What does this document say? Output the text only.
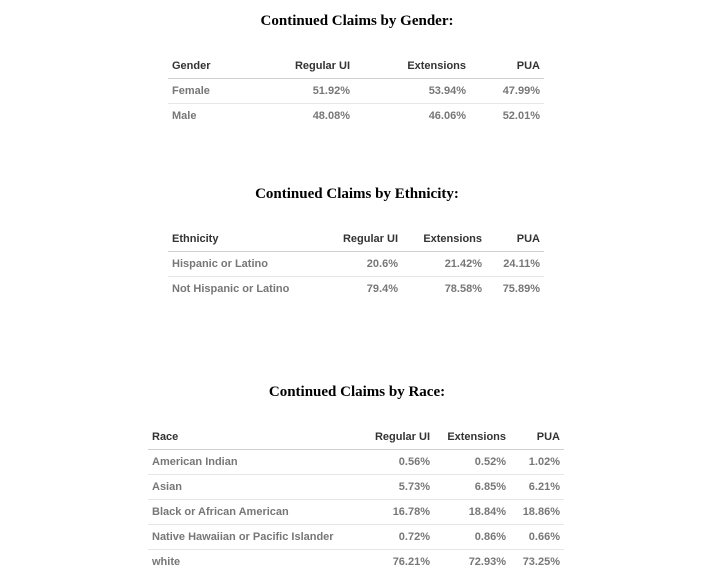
Continued Claims by Gender:
Gender	Regular UI	Extensions	PUA
Female	51.92%	53.94%	47.99%
Male	48.08%	46.06%	52.01%
Continued Claims by Ethnicity:
Ethnicity	Regular UI	Extensions	PUA
Hispanic or Latino	20.6%	21.42%	24.11%
Not Hispanic or Latino	79.4%	78.58%	75.89%
Continued Claims by Race:
Race	Regular UI	Extensions	PUA
American Indian	0.56%	0.52%	1.02%
Asian	5.73%	6.85%	6.21%
Black or African American	16.78%	18.84%	18.86%
Native Hawaiian or Pacific Islander	0.72%	0.86%	0.66%
white	76.21%	72.93%	73.25%
